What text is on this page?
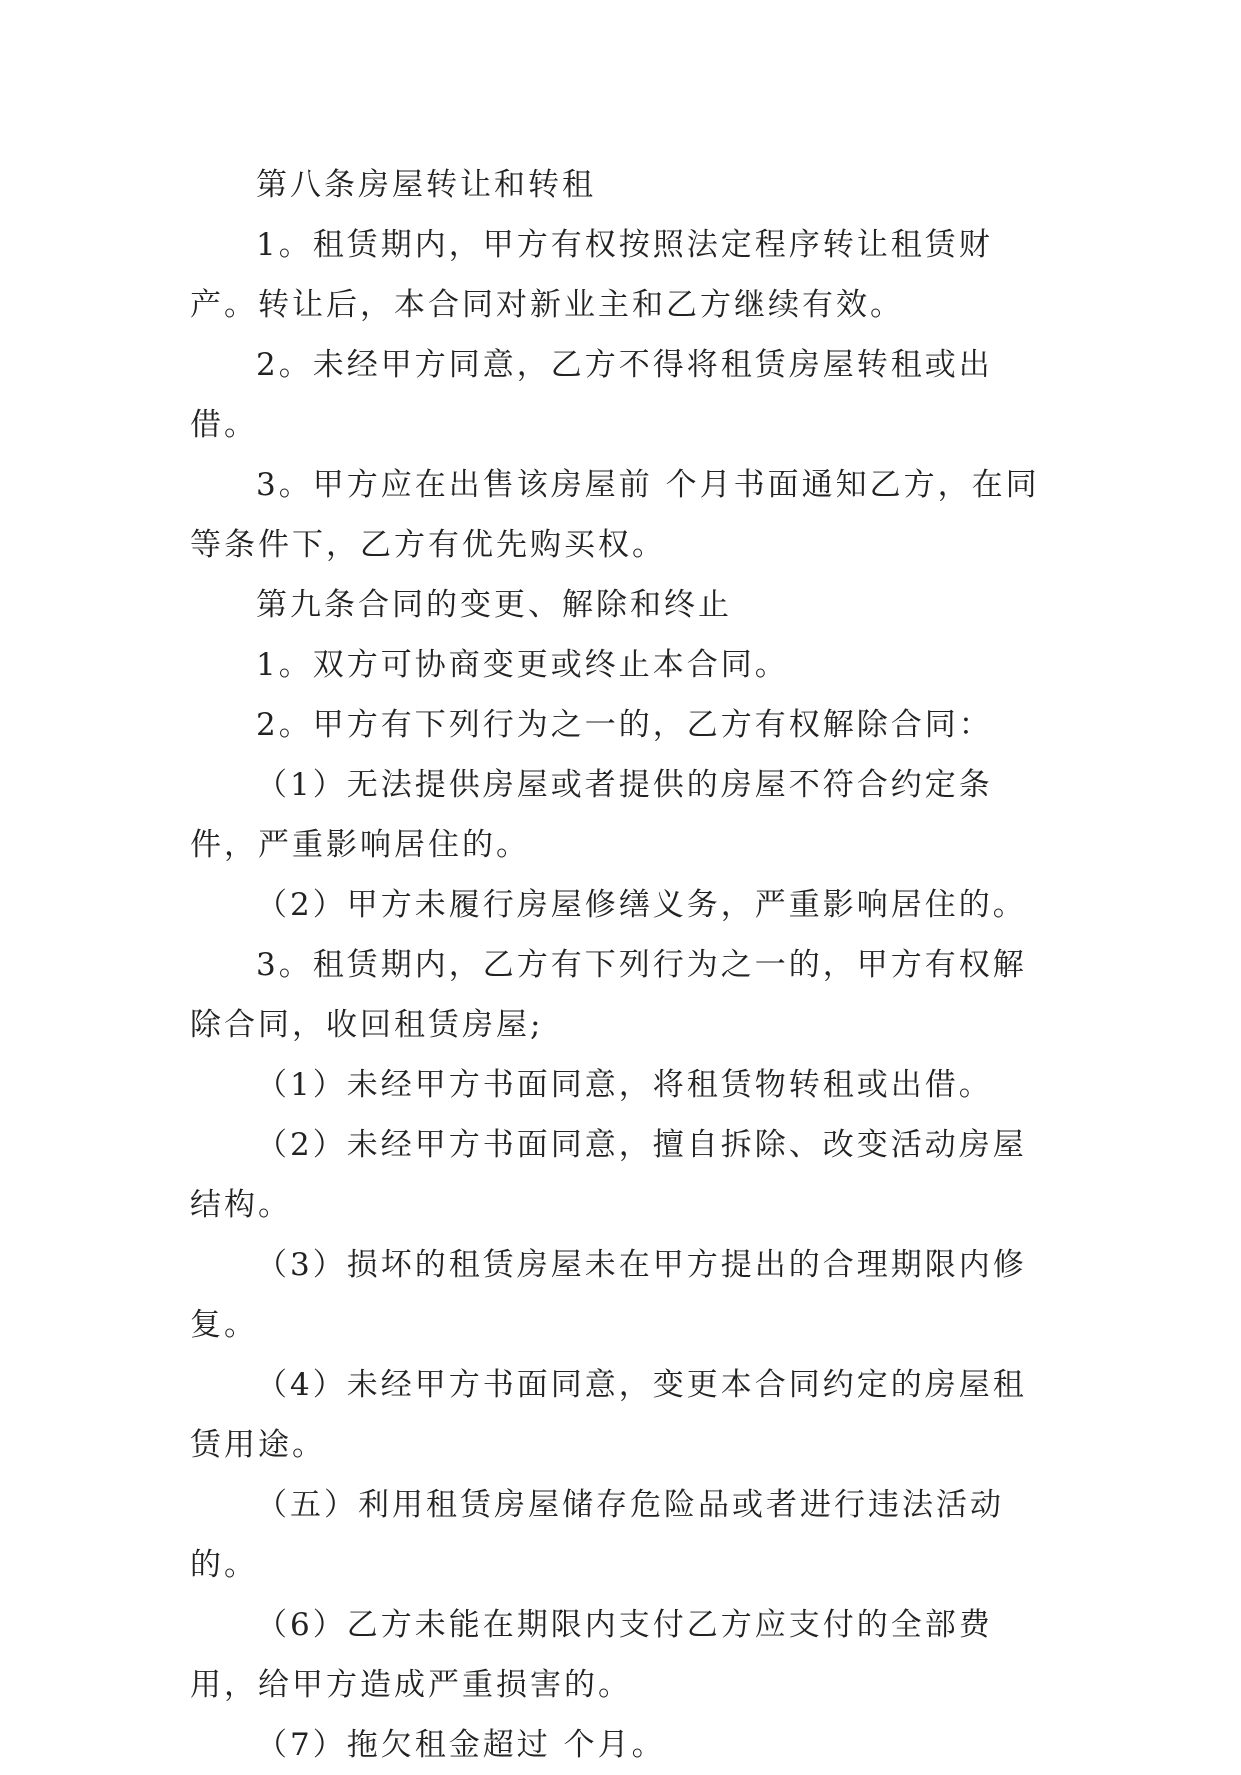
第八条房屋转让和转租

1。租赁期内，甲方有权按照法定程序转让租赁财产。转让后，本合同对新业主和乙方继续有效。

2。未经甲方同意，乙方不得将租赁房屋转租或出借。

3。甲方应在出售该房屋前 个月书面通知乙方，在同等条件下，乙方有优先购买权。

第九条合同的变更、解除和终止

1。双方可协商变更或终止本合同。

2。甲方有下列行为之一的，乙方有权解除合同：

（1）无法提供房屋或者提供的房屋不符合约定条件，严重影响居住的。

（2）甲方未履行房屋修缮义务，严重影响居住的。

3。租赁期内，乙方有下列行为之一的，甲方有权解除合同，收回租赁房屋;

（1）未经甲方书面同意，将租赁物转租或出借。

（2）未经甲方书面同意，擅自拆除、改变活动房屋结构。

（3）损坏的租赁房屋未在甲方提出的合理期限内修复。

（4）未经甲方书面同意，变更本合同约定的房屋租赁用途。

（五）利用租赁房屋储存危险品或者进行违法活动的。

（6）乙方未能在期限内支付乙方应支付的全部费用，给甲方造成严重损害的。

（7）拖欠租金超过 个月。
